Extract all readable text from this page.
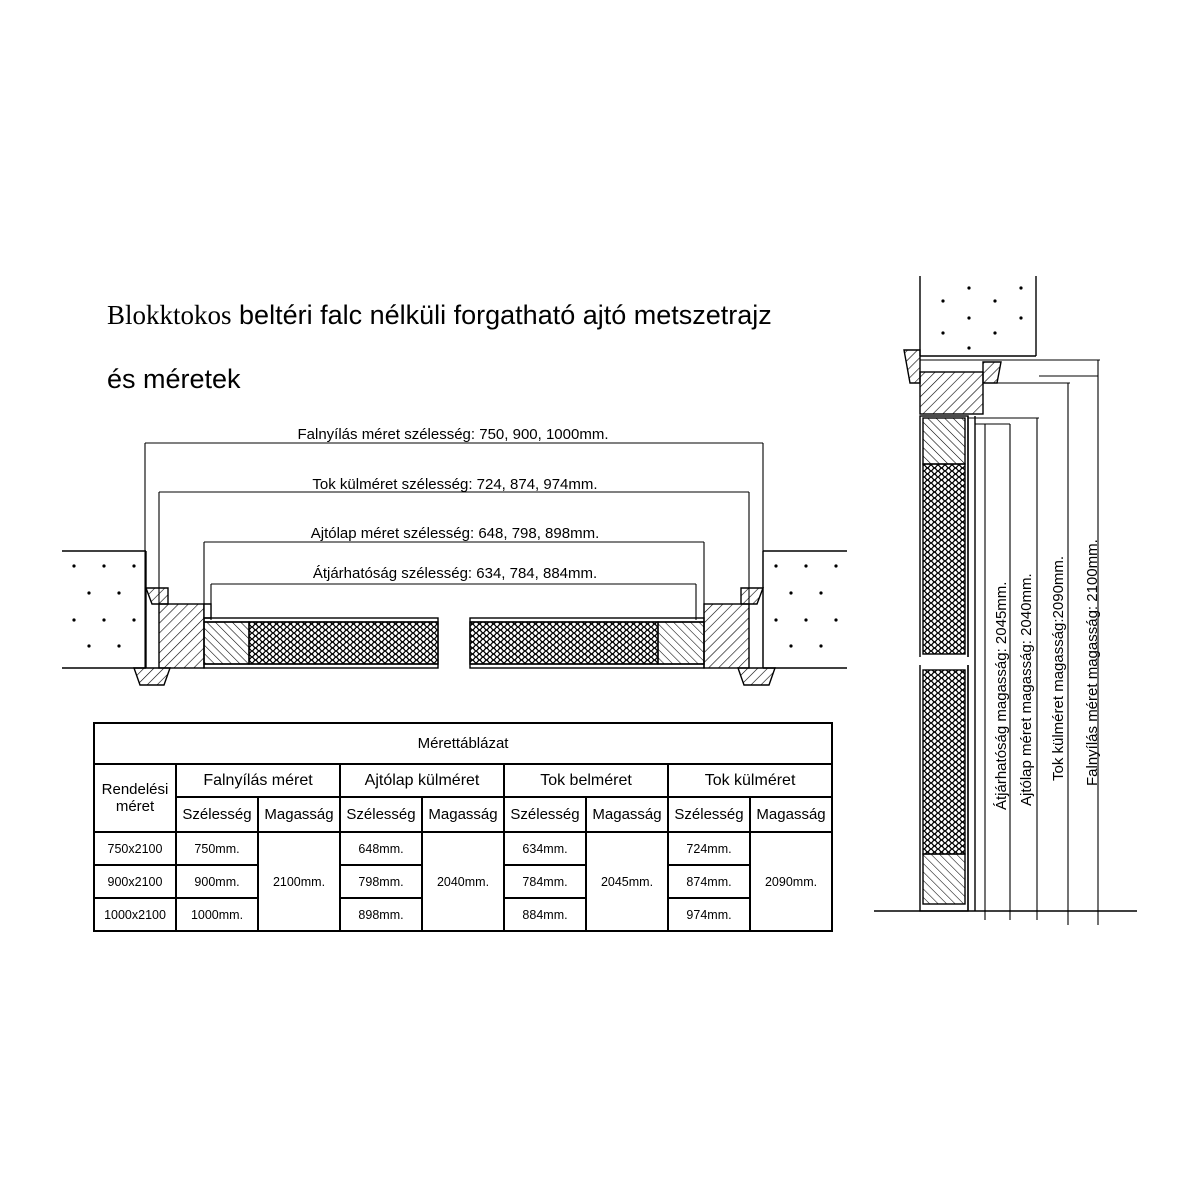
Blokktokos beltéri falc nélküli forgatható ajtó metszetrajz
és méretek
Falnyílás méret szélesség: 750, 900, 1000mm.
Tok külméret szélesség: 724, 874, 974mm.
Ajtólap méret szélesség: 648, 798, 898mm.
Átjárhatóság szélesség: 634, 784, 884mm.
Átjárhatóság magasság: 2045mm. Ajtólap méret magasság: 2040mm. Tok külméret magasság:2090mm. Falnyílás méret magasság: 2100mm.
Mérettáblázat								
Rendelési méret	Falnyílás méret		Ajtólap külméret		Tok belméret		Tok külméret	
	Szélesség	Magasság	Szélesség	Magasság	Szélesség	Magasság	Szélesség	Magasság
750x2100	750mm.	2100mm.	648mm.	2040mm.	634mm.	2045mm.	724mm.	2090mm.
900x2100	900mm.		798mm.		784mm.		874mm.	
1000x2100	1000mm.		898mm.		884mm.		974mm.	
